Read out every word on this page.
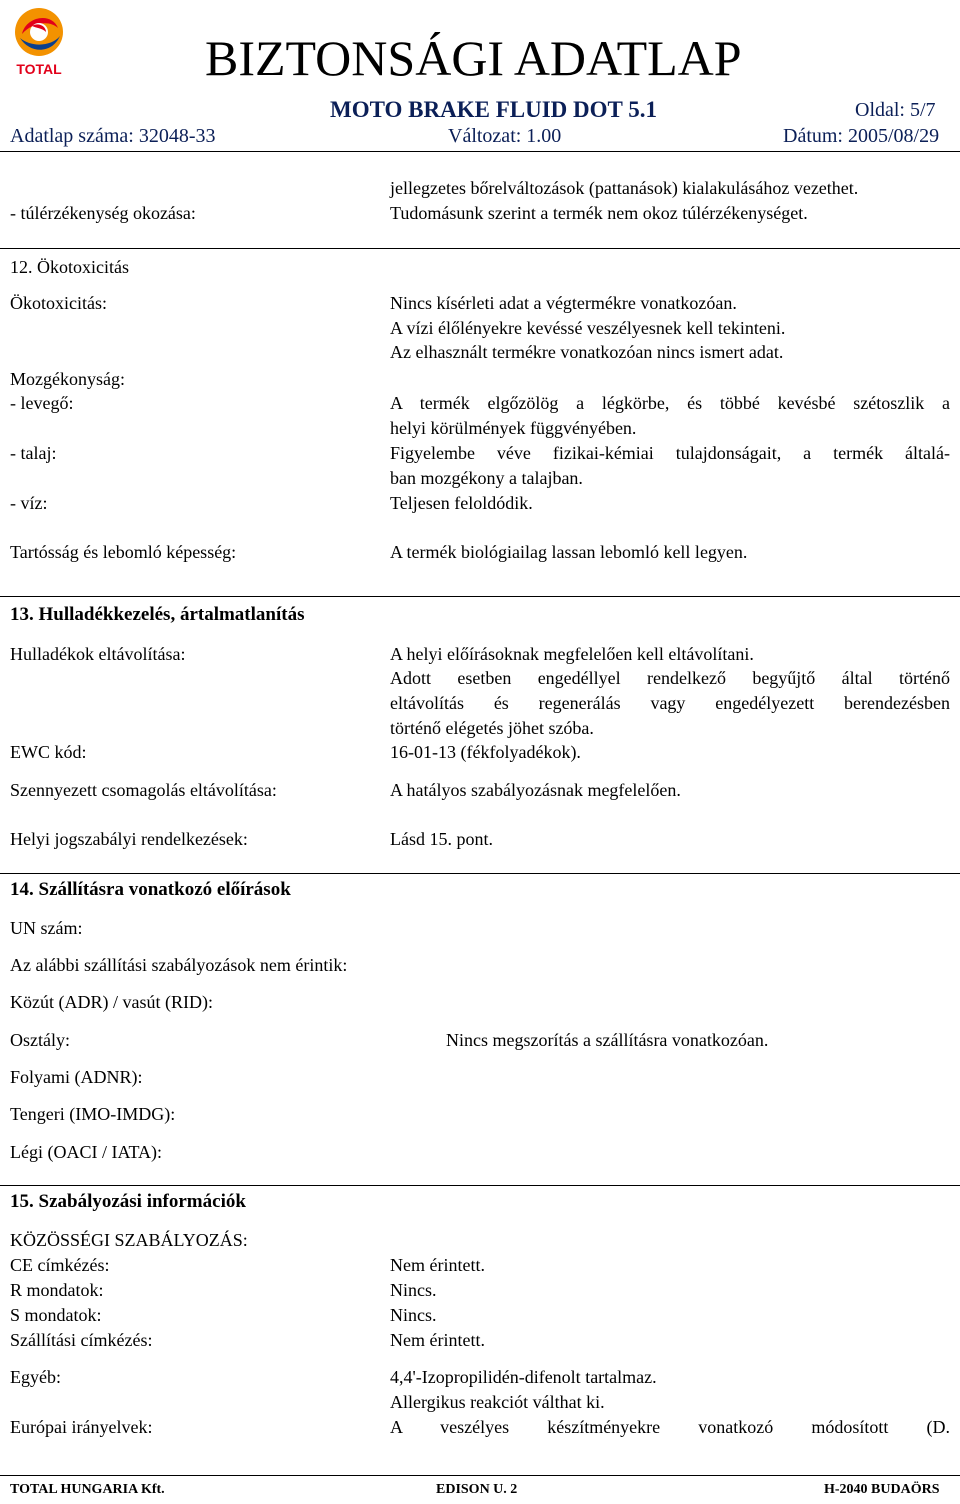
TOTAL	BIZTONSÁGI ADATLAP
MOTO BRAKE FLUID DOT 5.1	Oldal: 5/7
Adatlap száma: 32048-33	Változat: 1.00	Dátum: 2005/08/29
jellegzetes bőrelváltozások (pattanások) kialakulásához vezethet.
- túlérzékenység okozása:	Tudomásunk szerint a termék nem okoz túlérzékenységet.
12. Ökotoxicitás
Ökotoxicitás:	Nincs kísérleti adat a végtermékre vonatkozóan.
A vízi élőlényekre kevéssé veszélyesnek kell tekinteni.
Az elhasznált termékre vonatkozóan nincs ismert adat.
Mozgékonyság:
- levegő:	A termék elgőzölög a légkörbe, és többé kevésbé szétoszlik a
helyi körülmények függvényében.
- talaj:	Figyelembe véve fizikai-kémiai tulajdonságait, a termék általá-
ban mozgékony a talajban.
- víz:	Teljesen feloldódik.
Tartósság és lebomló képesség:	A termék biológiailag lassan lebomló kell legyen.
13. Hulladékkezelés, ártalmatlanítás
Hulladékok eltávolítása:	A helyi előírásoknak megfelelően kell eltávolítani.
Adott esetben engedéllyel rendelkező begyűjtő által történő
eltávolítás és regenerálás vagy engedélyezett berendezésben
történő elégetés jöhet szóba.
EWC kód:	16-01-13 (fékfolyadékok).
Szennyezett csomagolás eltávolítása:	A hatályos szabályozásnak megfelelően.
Helyi jogszabályi rendelkezések:	Lásd 15. pont.
14. Szállításra vonatkozó előírások
UN szám:
Az alábbi szállítási szabályozások nem érintik:
Közút (ADR) / vasút (RID):
Osztály:	Nincs megszorítás a szállításra vonatkozóan.
Folyami (ADNR):
Tengeri (IMO-IMDG):
Légi (OACI / IATA):
15. Szabályozási információk
KÖZÖSSÉGI SZABÁLYOZÁS:
CE címkézés:	Nem érintett.
R mondatok:	Nincs.
S mondatok:	Nincs.
Szállítási címkézés:	Nem érintett.
Egyéb:	4,4'-Izopropilidén-difenolt tartalmaz.
Allergikus reakciót válthat ki.
Európai irányelvek:	A veszélyes készítményekre vonatkozó módosított (D.
TOTAL HUNGARIA Kft.	EDISON U. 2	H-2040 BUDAÖRS
